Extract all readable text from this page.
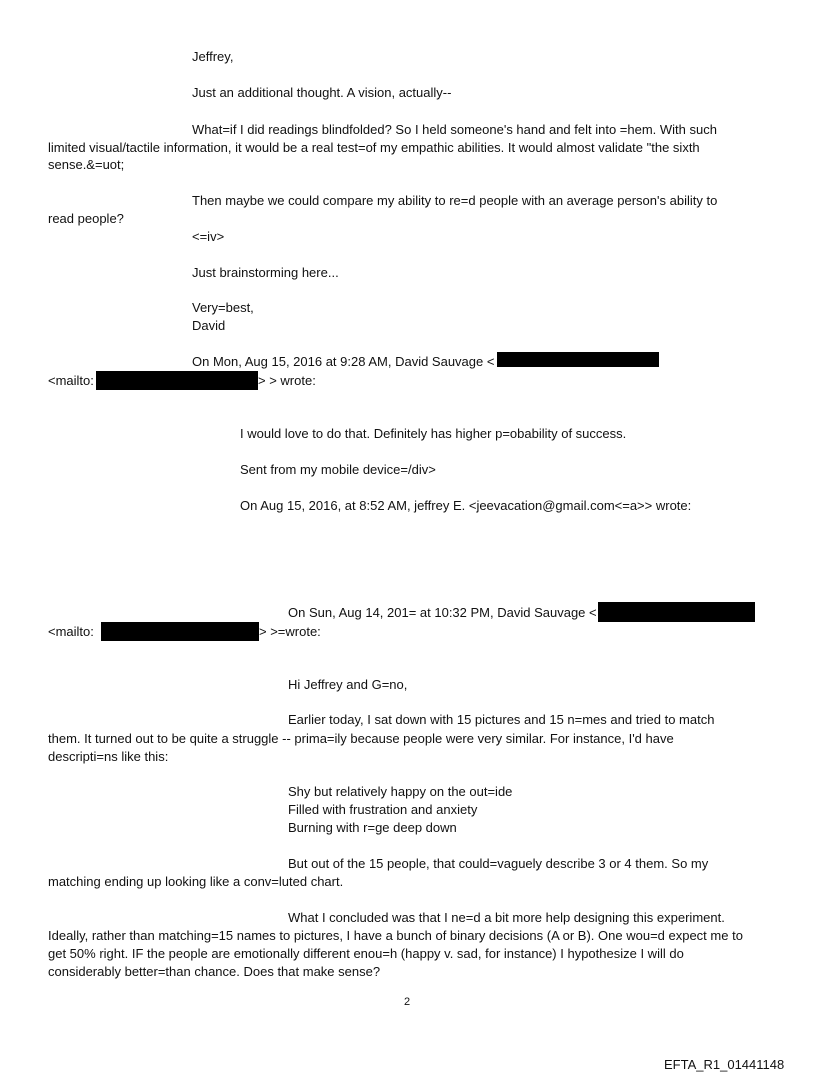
Jeffrey,
Just an additional thought. A vision, actually--
What=if I did readings blindfolded? So I held someone's hand and felt into =hem. With such
limited visual/tactile information, it would be a real test=of my empathic abilities. It would almost validate "the sixth
sense.&=uot;
Then maybe we could compare my ability to re=d people with an average person's ability to
read people?
<=iv>
Just brainstorming here...
Very=best,
David
On Mon, Aug 15, 2016 at 9:28 AM, David Sauvage <
<mailto:	> > wrote:
I would love to do that. Definitely has higher p=obability of success.
Sent from my mobile device=/div>
On Aug 15, 2016, at 8:52 AM, jeffrey E. <jeevacation@gmail.com<=a>> wrote:
On Sun, Aug 14, 201= at 10:32 PM, David Sauvage <
<mailto:	> >=wrote:
Hi Jeffrey and G=no,
Earlier today, I sat down with 15 pictures and 15 n=mes and tried to match
them. It turned out to be quite a struggle -- prima=ily because people were very similar. For instance, I'd have
descripti=ns like this:
Shy but relatively happy on the out=ide
Filled with frustration and anxiety
Burning with r=ge deep down
But out of the 15 people, that could=vaguely describe 3 or 4 them. So my
matching ending up looking like a conv=luted chart.
What I concluded was that I ne=d a bit more help designing this experiment.
Ideally, rather than matching=15 names to pictures, I have a bunch of binary decisions (A or B). One wou=d expect me to
get 50% right. IF the people are emotionally different enou=h (happy v. sad, for instance) I hypothesize I will do
considerably better=than chance. Does that make sense?
2
EFTA_R1_01441148
